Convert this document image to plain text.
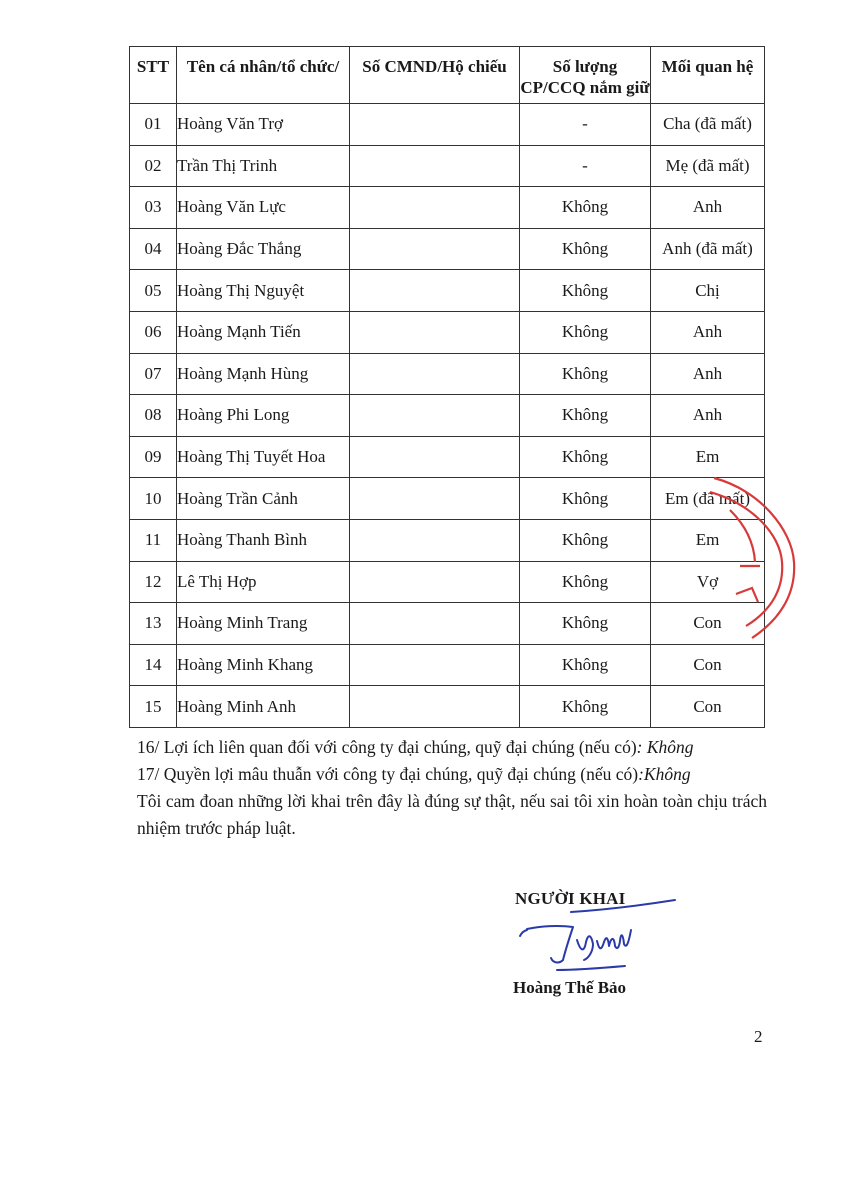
STT	Tên cá nhân/tổ chức/	Số CMND/Hộ chiếu	Số lượng CP/CCQ nắm giữ	Mối quan hệ
01	Hoàng Văn Trợ		-	Cha (đã mất)
02	Trần Thị Trinh		-	Mẹ (đã mất)
03	Hoàng Văn Lực		Không	Anh
04	Hoàng Đắc Thắng		Không	Anh (đã mất)
05	Hoàng Thị Nguyệt		Không	Chị
06	Hoàng Mạnh Tiến		Không	Anh
07	Hoàng Mạnh Hùng		Không	Anh
08	Hoàng Phi Long		Không	Anh
09	Hoàng Thị Tuyết Hoa		Không	Em
10	Hoàng Trần Cảnh		Không	Em (đã mất)
11	Hoàng Thanh Bình		Không	Em
12	Lê Thị Hợp		Không	Vợ
13	Hoàng Minh Trang		Không	Con
14	Hoàng Minh Khang		Không	Con
15	Hoàng Minh Anh		Không	Con

16/ Lợi ích liên quan đối với công ty đại chúng, quỹ đại chúng (nếu có): Không

17/ Quyền lợi mâu thuẫn với công ty đại chúng, quỹ đại chúng (nếu có):Không

Tôi cam đoan những lời khai trên đây là đúng sự thật, nếu sai tôi xin hoàn toàn chịu trách nhiệm trước pháp luật.

NGƯỜI KHAI
Hoàng Thế Bảo
2
